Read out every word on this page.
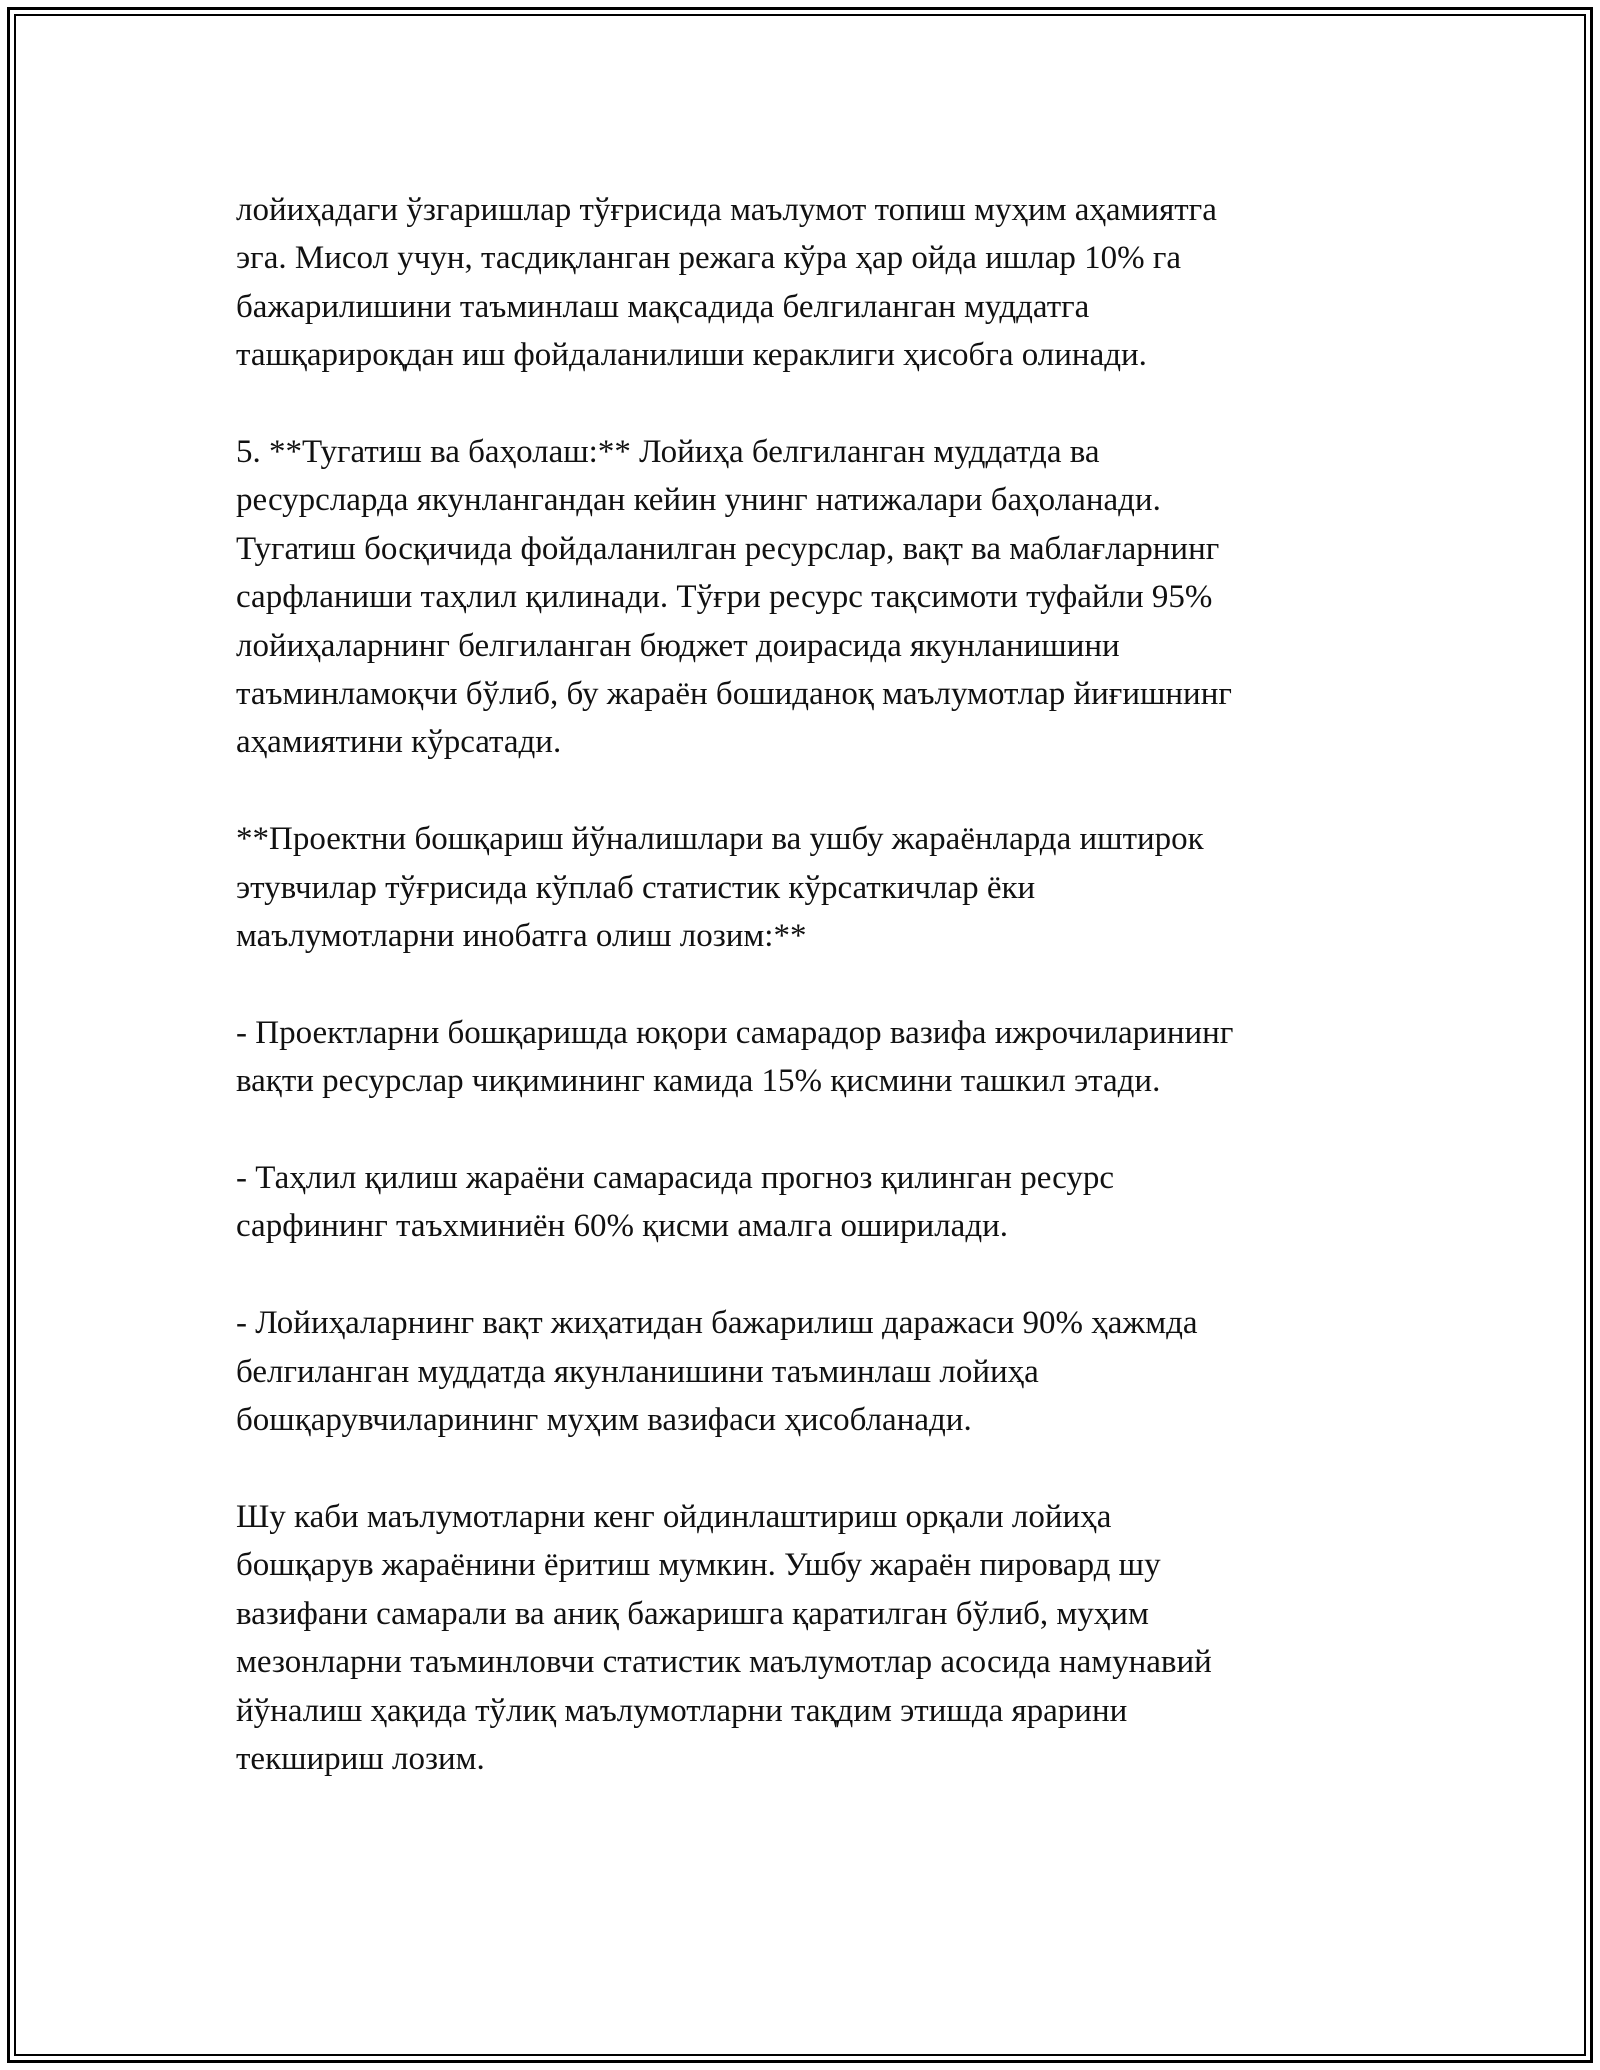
лойиҳадаги ўзгаришлар тўғрисида маълумот топиш муҳим аҳамиятга
эга. Мисол учун, тасдиқланган режага кўра ҳар ойда ишлар 10% га
бажарилишини таъминлаш мақсадида белгиланган муддатга
ташқарироқдан иш фойдаланилиши кераклиги ҳисобга олинади.

5. **Тугатиш ва баҳолаш:** Лойиҳа белгиланган муддатда ва
ресурсларда якунлангандан кейин унинг натижалари баҳоланади.
Тугатиш босқичида фойдаланилган ресурслар, вақт ва маблағларнинг
сарфланиши таҳлил қилинади. Тўғри ресурс тақсимоти туфайли 95%
лойиҳаларнинг белгиланган бюджет доирасида якунланишини
таъминламоқчи бўлиб, бу жараён бошиданоқ маълумотлар йиғишнинг
аҳамиятини кўрсатади.

**Проектни бошқариш йўналишлари ва ушбу жараёнларда иштирок
этувчилар тўғрисида кўплаб статистик кўрсаткичлар ёки
маълумотларни инобатга олиш лозим:**

- Проектларни бошқаришда юқори самарадор вазифа ижрочиларининг
вақти ресурслар чиқимининг камида 15% қисмини ташкил этади.

- Таҳлил қилиш жараёни самарасида прогноз қилинган ресурс
сарфининг таъхминиён 60% қисми амалга оширилади.

- Лойиҳаларнинг вақт жиҳатидан бажарилиш даражаси 90% ҳажмда
белгиланган муддатда якунланишини таъминлаш лойиҳа
бошқарувчиларининг муҳим вазифаси ҳисобланади.

Шу каби маълумотларни кенг ойдинлаштириш орқали лойиҳа
бошқарув жараёнини ёритиш мумкин. Ушбу жараён пировард шу
вазифани самарали ва аниқ бажаришга қаратилган бўлиб, муҳим
мезонларни таъминловчи статистик маълумотлар асосида намунавий
йўналиш ҳақида тўлиқ маълумотларни тақдим этишда ярарини
текшириш лозим.
